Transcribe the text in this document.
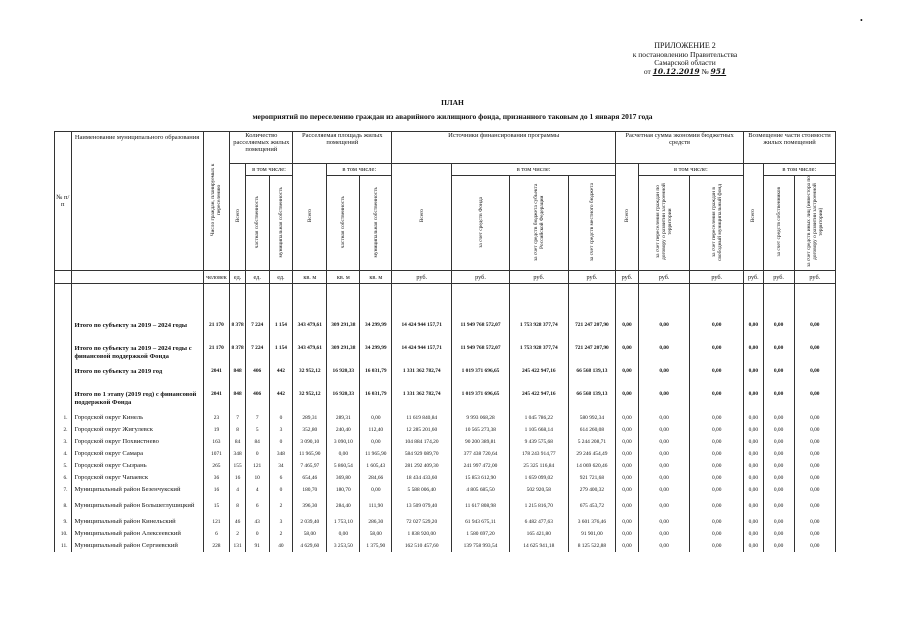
•
ПРИЛОЖЕНИЕ 2
к постановлению Правительства
Самарской области
от 10.12.2019 № 951
ПЛАН
мероприятий по переселению граждан из аварийного жилищного фонда, признанного таковым до 1 января 2017 года
№ п/п	Наименование муниципального образования	Число граждан, планируемых к переселению	Количество расселяемых жилых помещений			Расселяемая площадь жилых помещений			Источники финансирования программы				Расчетная сумма экономии бюджетных средств			Возмещение части стоимости жилых помещений		
			Всего	в том числе:		Всего	в том числе:		Всего	в том числе:			Всего	в том числе:		Всего	в том числе:	
				частная собственность	муниципальная собственность		частная собственность	муниципальная собственность		за счет средств Фонда	за счет средств бюджета субъекта Российской Федерации	за счет средств местного бюджета		за счет переселения граждан по договору о развитии застроенной территории	за счет переселения граждан в свободный муниципальный фонд		за счет средств собственников	за счет средств иных лиц (инвестора по договору о развитии застроенной территории)
		человек	ед.	ед.	ед.	кв. м	кв. м	кв. м	руб.	руб.	руб.	руб.	руб.	руб.	руб.	руб.	руб.	руб.

	Итого по субъекту за 2019 – 2024 годы	21 170	8 378	7 224	1 154	343 479,61	309 291,38	34 299,99	14 424 944 157,71	11 949 768 572,07	1 753 928 377,74	721 247 207,90	0,00	0,00	0,00	0,00	0,00	0,00
	Итого по субъекту за 2019 – 2024 годы с финансовой поддержкой Фонда	21 170	8 378	7 224	1 154	343 479,61	309 291,38	34 299,99	14 424 944 157,71	11 949 768 572,07	1 753 928 377,74	721 247 207,90	0,00	0,00	0,00	0,00	0,00	0,00
	Итого по субъекту за 2019 год	2041	848	406	442	32 952,12	16 920,33	16 031,79	1 331 362 782,74	1 019 371 696,65	245 422 947,16	66 568 139,13	0,00	0,00	0,00	0,00	0,00	0,00
	Итого по 1 этапу (2019 год) с финансовой поддержкой Фонда	2041	848	406	442	32 952,12	16 920,33	16 031,79	1 331 362 782,74	1 019 371 696,65	245 422 947,16	66 568 139,13	0,00	0,00	0,00	0,00	0,00	0,00
1.	Городской округ Кинель	23	7	7	0	289,31	289,31	0,00	11 619 840,84	9 993 068,28	1 045 786,22	580 992,34	0,00	0,00	0,00	0,00	0,00	0,00
2.	Городской округ Жигулевск	19	8	5	3	352,80	240,40	112,40	12 285 201,60	10 565 273,38	1 105 668,14	614 260,08	0,00	0,00	0,00	0,00	0,00	0,00
3.	Городской округ Похвистнево	163	84	84	0	3 090,10	3 090,10	0,00	104 884 174,20	90 200 389,81	9 439 575,68	5 244 208,71	0,00	0,00	0,00	0,00	0,00	0,00
4.	Городской округ Самара	1071	348	0	348	11 965,90	0,00	11 965,90	584 929 089,70	377 438 720,64	178 243 914,77	29 246 454,49	0,00	0,00	0,00	0,00	0,00	0,00
5.	Городской округ Сызрань	265	155	121	34	7 465,97	5 860,54	1 605,43	281 292 409,30	241 997 472,00	25 325 116,84	14 069 620,46	0,00	0,00	0,00	0,00	0,00	0,00
6.	Городской округ Чапаевск	36	16	10	6	654,46	369,80	284,66	18 434 433,60	15 853 612,90	1 659 099,02	921 721,68	0,00	0,00	0,00	0,00	0,00	0,00
7.	Муниципальный район Безенчукский	16	4	4	0	180,70	180,70	0,00	5 588 006,40	4 805 685,50	502 920,58	279 400,32	0,00	0,00	0,00	0,00	0,00	0,00
8.	Муниципальный район Большеглушицкий	15	8	6	2	396,30	284,40	111,90	13 509 079,40	11 617 808,98	1 215 816,70	675 453,72	0,00	0,00	0,00	0,00	0,00	0,00
9.	Муниципальный район Кинельский	121	46	43	3	2 039,40	1 753,10	286,30	72 027 529,20	61 943 675,11	6 482 477,63	3 601 376,46	0,00	0,00	0,00	0,00	0,00	0,00
10.	Муниципальный район Алексеевский	6	2	0	2	58,00	0,00	58,00	1 838 920,00	1 580 697,20	165 421,80	91 901,00	0,00	0,00	0,00	0,00	0,00	0,00
11.	Муниципальный район Сергиевский	228	131	91	40	4 629,60	3 253,50	1 375,90	162 510 457,60	139 758 993,54	14 625 941,18	8 125 522,88	0,00	0,00	0,00	0,00	0,00	0,00
